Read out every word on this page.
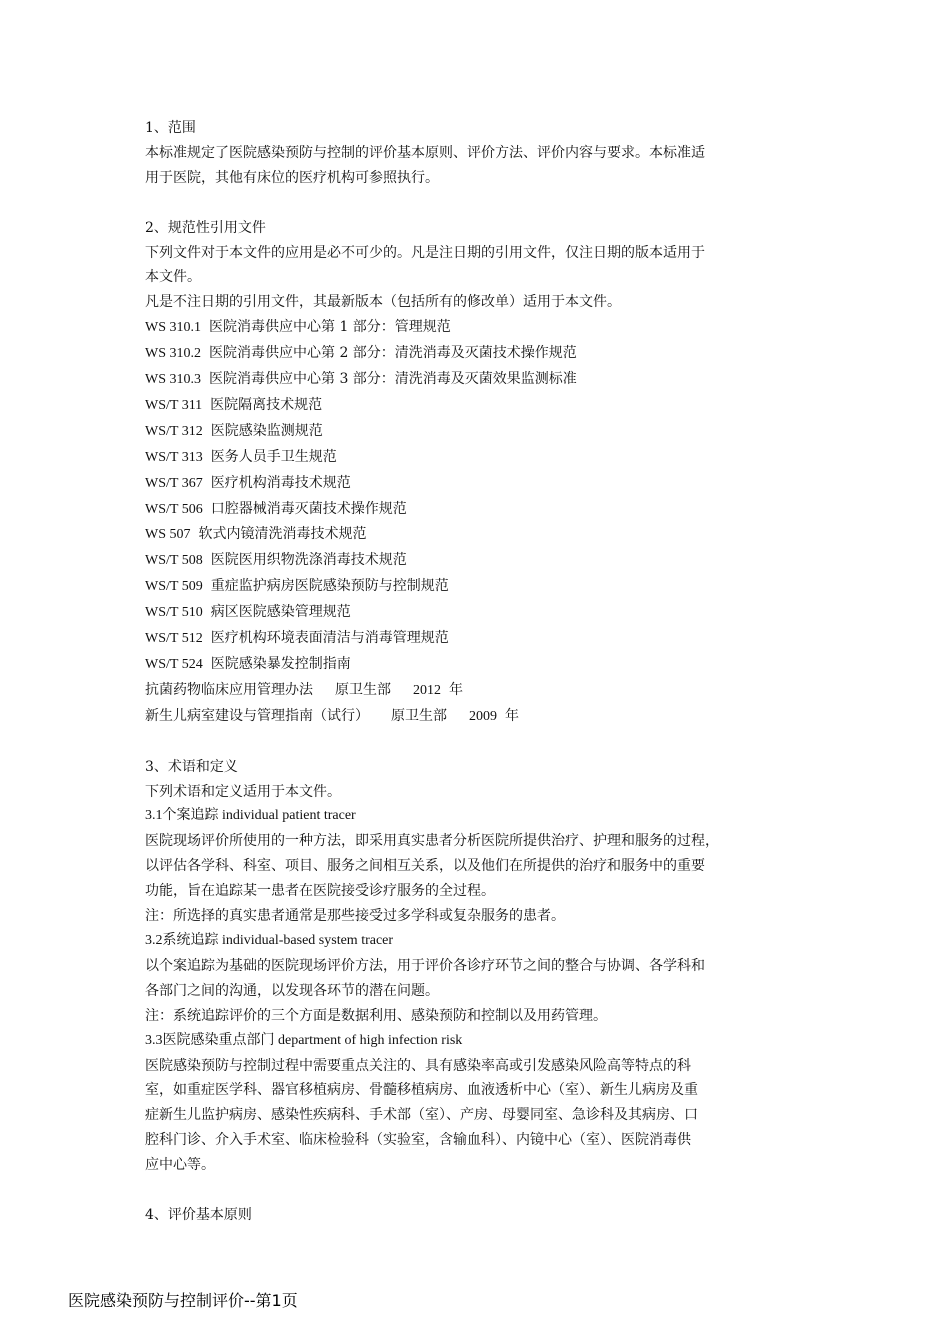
1、范围

本标准规定了医院感染预防与控制的评价基本原则、评价方法、评价内容与要求。本标准适

用于医院，其他有床位的医疗机构可参照执行。

2、规范性引用文件

下列文件对于本文件的应用是必不可少的。凡是注日期的引用文件，仅注日期的版本适用于

本文件。

凡是不注日期的引用文件，其最新版本（包括所有的修改单）适用于本文件。

WS 310.1 医院消毒供应中心第 1 部分：管理规范

WS 310.2 医院消毒供应中心第 2 部分：清洗消毒及灭菌技术操作规范

WS 310.3 医院消毒供应中心第 3 部分：清洗消毒及灭菌效果监测标准

WS/T 311 医院隔离技术规范

WS/T 312 医院感染监测规范

WS/T 313 医务人员手卫生规范

WS/T 367 医疗机构消毒技术规范

WS/T 506 口腔器械消毒灭菌技术操作规范

WS 507 软式内镜清洗消毒技术规范

WS/T 508 医院医用织物洗涤消毒技术规范

WS/T 509 重症监护病房医院感染预防与控制规范

WS/T 510 病区医院感染管理规范

WS/T 512 医疗机构环境表面清洁与消毒管理规范

WS/T 524 医院感染暴发控制指南

抗菌药物临床应用管理办法 原卫生部 2012 年

新生儿病室建设与管理指南（试行） 原卫生部 2009 年

3、术语和定义

下列术语和定义适用于本文件。

3.1个案追踪 individual patient tracer

医院现场评价所使用的一种方法，即采用真实患者分析医院所提供治疗、护理和服务的过程，

以评估各学科、科室、项目、服务之间相互关系，以及他们在所提供的治疗和服务中的重要

功能，旨在追踪某一患者在医院接受诊疗服务的全过程。

注：所选择的真实患者通常是那些接受过多学科或复杂服务的患者。

3.2系统追踪 individual-based system tracer

以个案追踪为基础的医院现场评价方法，用于评价各诊疗环节之间的整合与协调、各学科和

各部门之间的沟通，以发现各环节的潜在问题。

注：系统追踪评价的三个方面是数据利用、感染预防和控制以及用药管理。

3.3医院感染重点部门 department of high infection risk

医院感染预防与控制过程中需要重点关注的、具有感染率高或引发感染风险高等特点的科

室，如重症医学科、器官移植病房、骨髓移植病房、血液透析中心（室）、新生儿病房及重

症新生儿监护病房、感染性疾病科、手术部（室）、产房、母婴同室、急诊科及其病房、口

腔科门诊、介入手术室、临床检验科（实验室，含输血科）、内镜中心（室）、医院消毒供

应中心等。

4、评价基本原则

医院感染预防与控制评价--第1页
